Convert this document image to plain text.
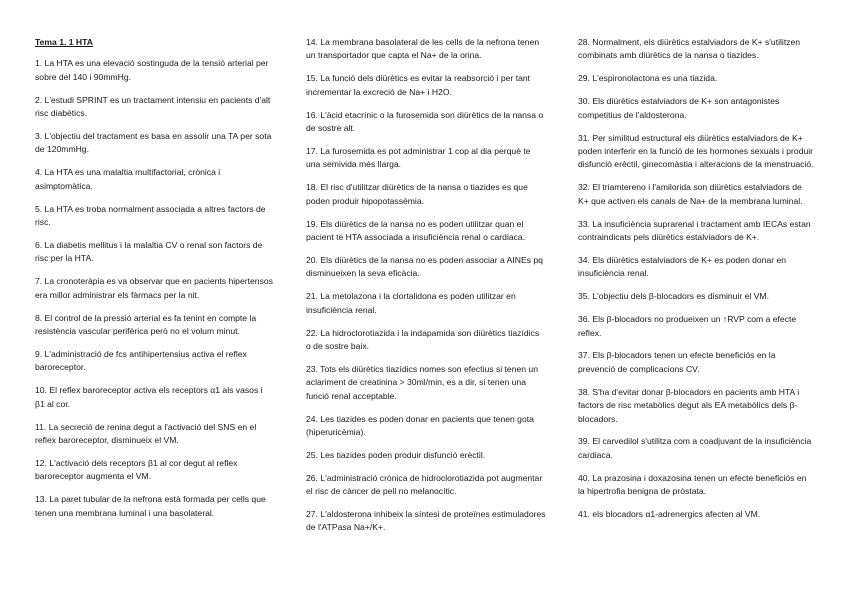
Tema 1. 1 HTA
1. La HTA es una elevació sostinguda de la tensió arterial per sobre del 140 i 90mmHg.
2. L'estudi SPRINT es un tractament intensiu en pacients d'alt risc diabètics.
3. L'objectiu del tractament es basa en assolir una TA per sota de 120mmHg.
4. La HTA es una malaltia multifactorial, crònica i asimptomàtica.
5. La HTA es troba normalment associada a altres factors de risc.
6. La diabetis mellitus i la malaltia CV o renal son factors de risc per la HTA.
7. La cronoteràpia es va observar que en pacients hipertensos era millor administrar els fàrmacs per la nit.
8. El control de la pressió arterial es fa tenint en compte la resistència vascular perifèrica però no el volum minut.
9. L'administració de fcs antihipertensius activa el reflex baroreceptor.
10. El reflex baroreceptor activa els receptors α1 als vasos i β1 al cor.
11. La secreció de renina degut a l'activació del SNS en el reflex baroreceptor, disminueix el VM.
12. L'activació dels receptors β1 al cor degut al reflex baroreceptor augmenta el VM.
13. La paret tubular de la nefrona està formada per cells que tenen una membrana luminal i una basolateral.
14. La membrana basolateral de les cells de la nefrona tenen un transportador que capta el Na+ de la orina.
15. La funció dels diürètics es evitar la reabsorció i per tant incrementar la excreció de Na+ i H2O.
16. L'àcid etacrínic o la furosemida son diürètics de la nansa o de sostre alt.
17. La furosemida es pot administrar 1 cop al dia perquè te una semivida més llarga.
18. El risc d'utilitzar diürètics de la nansa o tiazides es que poden produir hipopotassèmia.
19. Els diürètics de la nansa no es poden utilitzar quan el pacient te HTA associada a insuficiència renal o cardiaca.
20. Els diürètics de la nansa no es poden associar a AINEs pq disminueixen la seva eficàcia.
21. La metolazona i la clortalidona es poden utilitzar en insuficiència renal.
22. La hidroclorotiazida i la indapamida son diürètics tiazídics o de sostre baix.
23. Tots els diürètics tiazídics nomes son efectius si tenen un aclariment de creatinina > 30ml/min, es a dir, si tenen una funció renal acceptable.
24. Les tiazides es poden donar en pacients que tenen gota (hiperuricèmia).
25. Les tiazides poden produir disfunció erèctil.
26. L'administració crònica de hidroclorotiazida pot augmentar el risc de càncer de pell no melanocític.
27. L'aldosterona inhibeix la síntesi de proteïnes estimuladores de l'ATPasa Na+/K+.
28. Normalment, els diürètics estalviadors de K+ s'utilitzen combinats amb diürètics de la nansa o tiazides.
29. L'espironolactona es una tiazida.
30. Els diürètics estalviadors de K+ son antagonistes competitius de l'aldosterona.
31. Per similitud estructural els diürètics estalviadors de K+ poden interferir en la funció de les hormones sexuals i produir disfunció erèctil, ginecomàstia i alteracions de la menstruació.
32. El triamterenо i l'amilorida son diürètics estalviadors de K+ que activen els canals de Na+ de la membrana luminal.
33. La insuficiència suprarenal i tractament amb IECAs estan contraindicats pels diürètics estalviadors de K+.
34. Els diürètics estalviadors de K+ es poden donar en insuficiència renal.
35. L'objectiu dels β-blocadors es disminuir el VM.
36. Els β-blocadors no produeixen un ↑RVP com a efecte reflex.
37. Els β-blocadors tenen un efecte beneficiós en la prevenció de complicacions CV.
38. S'ha d'evitar donar β-blocadors en pacients amb HTA i factors de risc metabòlics degut als EA metabòlics dels β-blocadors.
39. El carvedilol s'utilitza com a coadjuvant de la insuficiència cardiaca.
40. La prazosina i doxazosina tenen un efecte beneficiós en la hipertrofia benigna de pròstata.
41. els blocadors α1-adrenergics afecten al VM.
